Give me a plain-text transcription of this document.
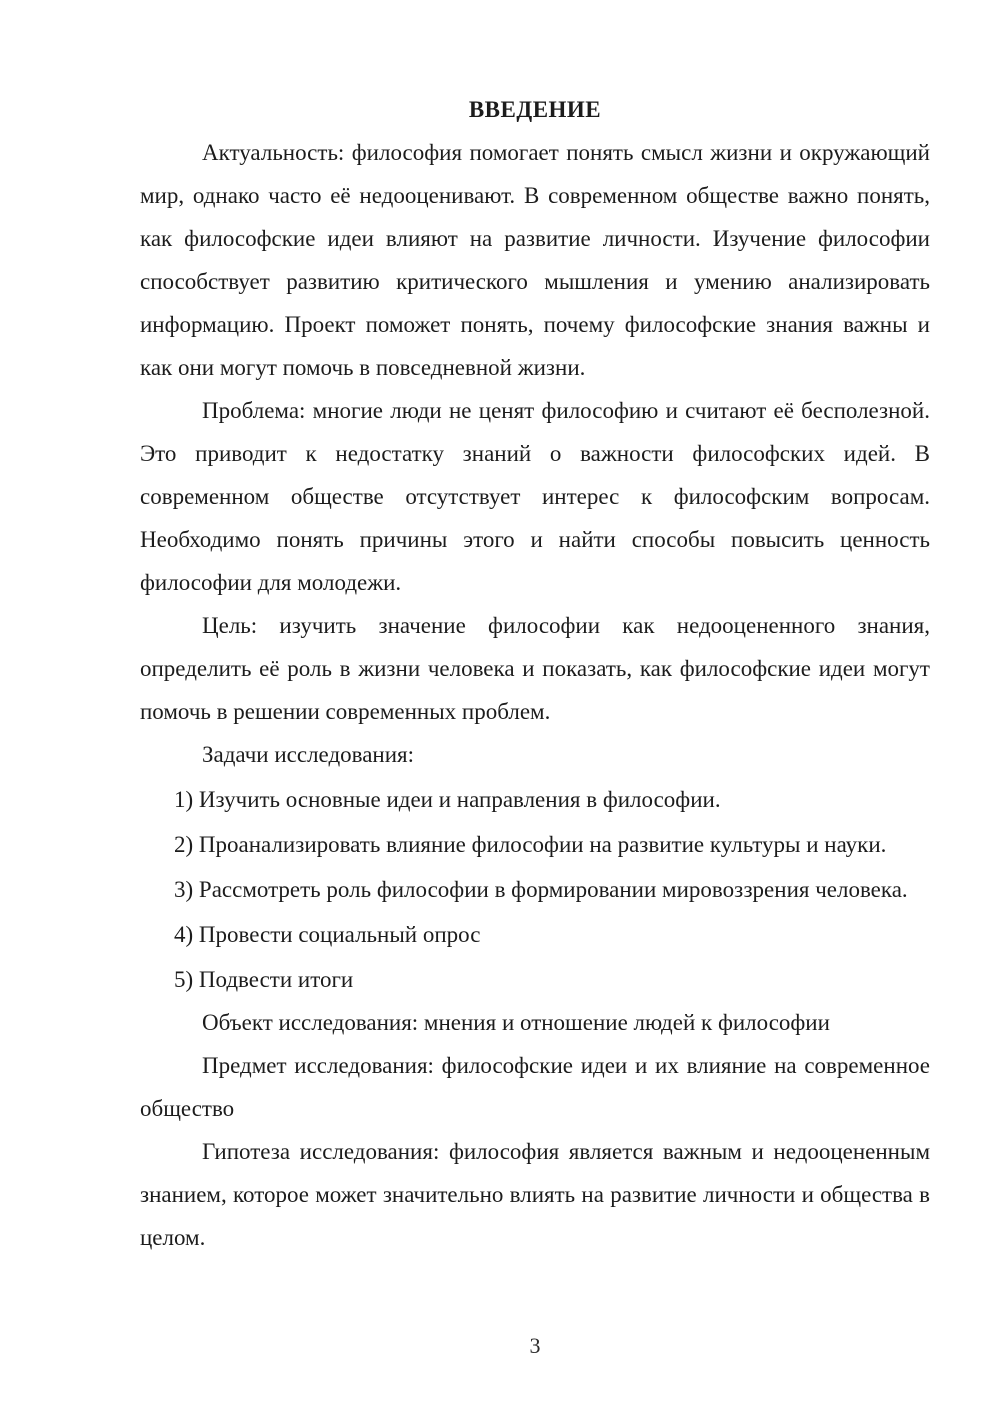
ВВЕДЕНИЕ

Актуальность: философия помогает понять смысл жизни и окружающий мир, однако часто её недооценивают. В современном обществе важно понять, как философские идеи влияют на развитие личности. Изучение философии способствует развитию критического мышления и умению анализировать информацию. Проект поможет понять, почему философские знания важны и как они могут помочь в повседневной жизни.

Проблема: многие люди не ценят философию и считают её бесполезной. Это приводит к недостатку знаний о важности философских идей. В современном обществе отсутствует интерес к философским вопросам. Необходимо понять причины этого и найти способы повысить ценность философии для молодежи.

Цель: изучить значение философии как недооцененного знания, определить её роль в жизни человека и показать, как философские идеи могут помочь в решении современных проблем.

Задачи исследования:

1) Изучить основные идеи и направления в философии.

2) Проанализировать влияние философии на развитие культуры и науки.

3) Рассмотреть роль философии в формировании мировоззрения человека.

4) Провести социальный опрос

5) Подвести итоги

Объект исследования: мнения и отношение людей к философии

Предмет исследования: философские идеи и их влияние на современное общество

Гипотеза исследования: философия является важным и недооцененным знанием, которое может значительно влиять на развитие личности и общества в целом.

3
